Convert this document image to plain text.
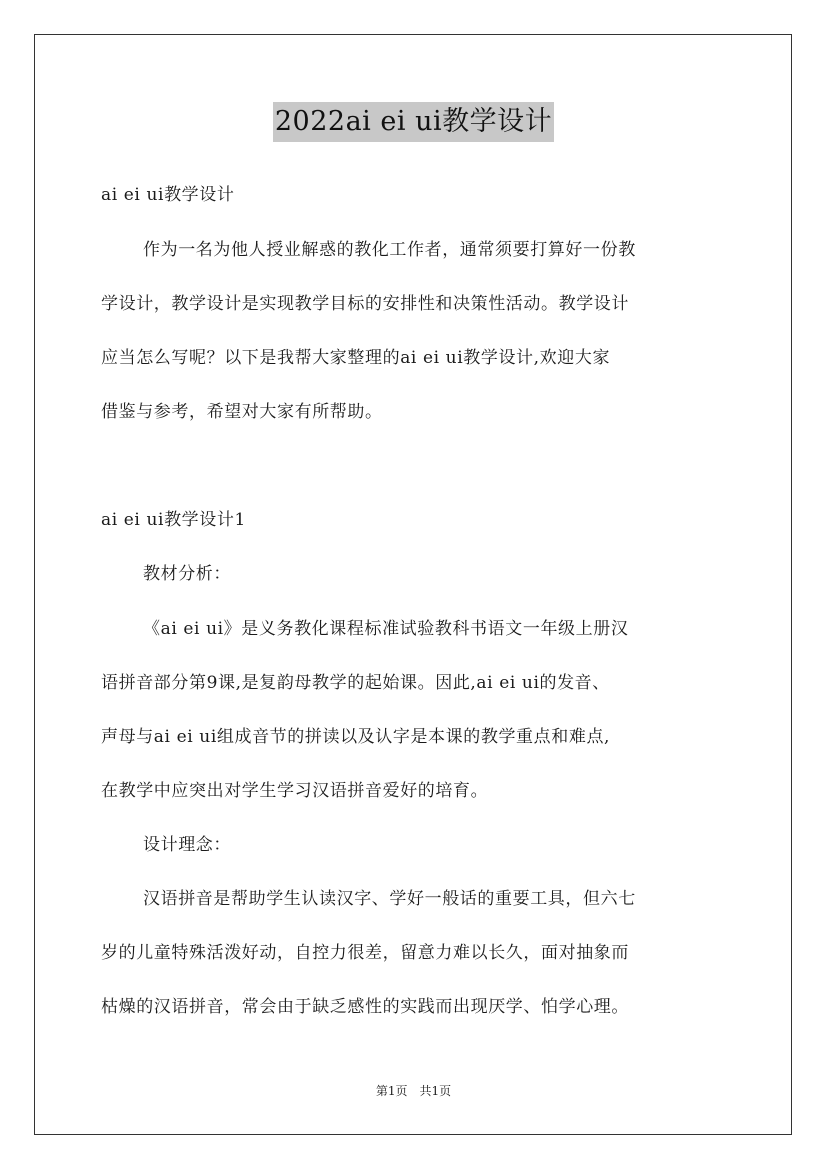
2022ai ei ui教学设计
ai ei ui教学设计
作为一名为他人授业解惑的教化工作者，通常须要打算好一份教
学设计，教学设计是实现教学目标的安排性和决策性活动。教学设计
应当怎么写呢？以下是我帮大家整理的ai ei ui教学设计,欢迎大家
借鉴与参考，希望对大家有所帮助。
ai ei ui教学设计1
教材分析：
《ai ei ui》是义务教化课程标准试验教科书语文一年级上册汉
语拼音部分第9课,是复韵母教学的起始课。因此,ai ei ui的发音、
声母与ai ei ui组成音节的拼读以及认字是本课的教学重点和难点,
在教学中应突出对学生学习汉语拼音爱好的培育。
设计理念：
汉语拼音是帮助学生认读汉字、学好一般话的重要工具，但六七
岁的儿童特殊活泼好动，自控力很差，留意力难以长久，面对抽象而
枯燥的汉语拼音，常会由于缺乏感性的实践而出现厌学、怕学心理。
第1页　共1页
